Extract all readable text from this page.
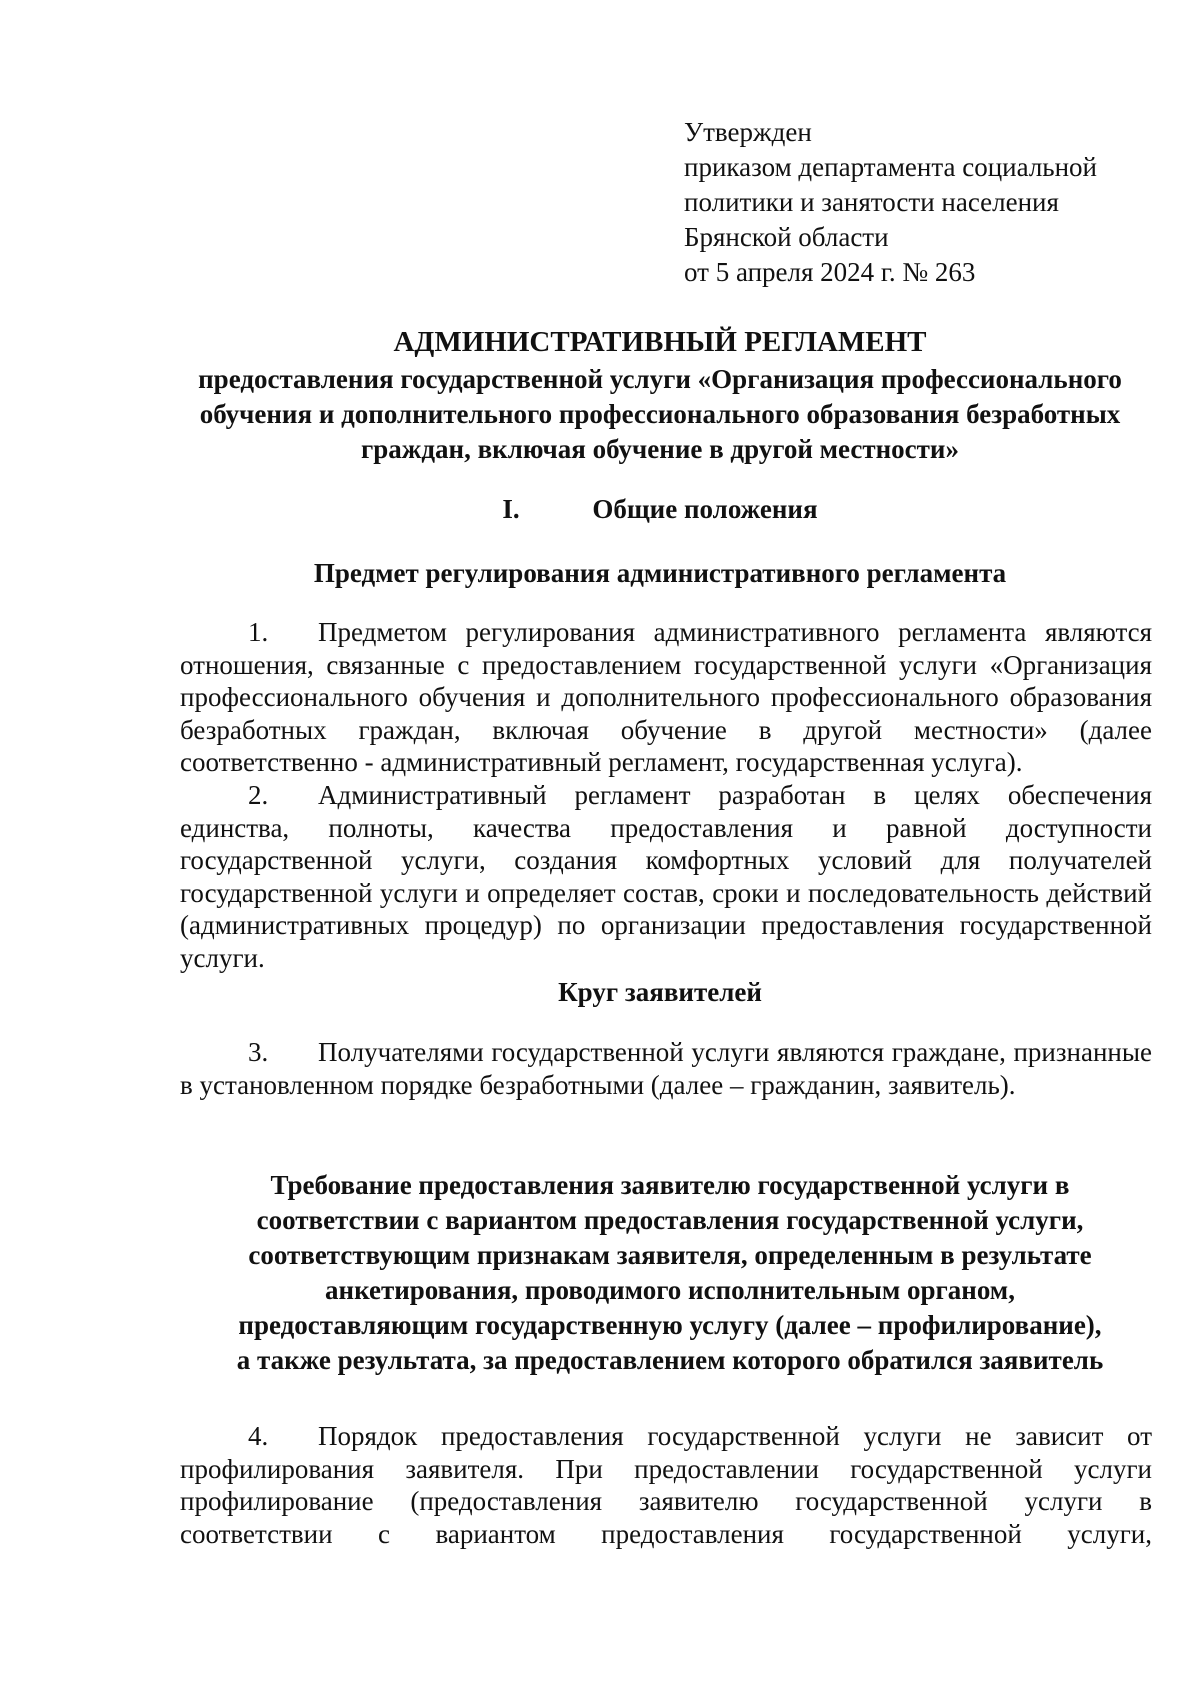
Утвержден
приказом департамента социальной
политики и занятости населения
Брянской области
от 5 апреля 2024 г. № 263
АДМИНИСТРАТИВНЫЙ РЕГЛАМЕНТ
предоставления государственной услуги «Организация профессионального
обучения и дополнительного профессионального образования безработных
граждан, включая обучение в другой местности»
I.	Общие положения
Предмет регулирования административного регламента
1. Предметом регулирования административного регламента являются отношения, связанные с предоставлением государственной услуги «Организация профессионального обучения и дополнительного профессионального образования безработных граждан, включая обучение в другой местности» (далее соответственно - административный регламент, государственная услуга).
2. Административный регламент разработан в целях обеспечения единства, полноты, качества предоставления и равной доступности государственной услуги, создания комфортных условий для получателей государственной услуги и определяет состав, сроки и последовательность действий (административных процедур) по организации предоставления государственной услуги.
Круг заявителей
3. Получателями государственной услуги являются граждане, признанные в установленном порядке безработными (далее – гражданин, заявитель).
Требование предоставления заявителю государственной услуги в
соответствии с вариантом предоставления государственной услуги,
соответствующим признакам заявителя, определенным в результате
анкетирования, проводимого исполнительным органом,
предоставляющим государственную услугу (далее – профилирование),
а также результата, за предоставлением которого обратился заявитель
4. Порядок предоставления государственной услуги не зависит от профилирования заявителя. При предоставлении государственной услуги профилирование (предоставления заявителю государственной услуги в соответствии с вариантом предоставления государственной услуги,
